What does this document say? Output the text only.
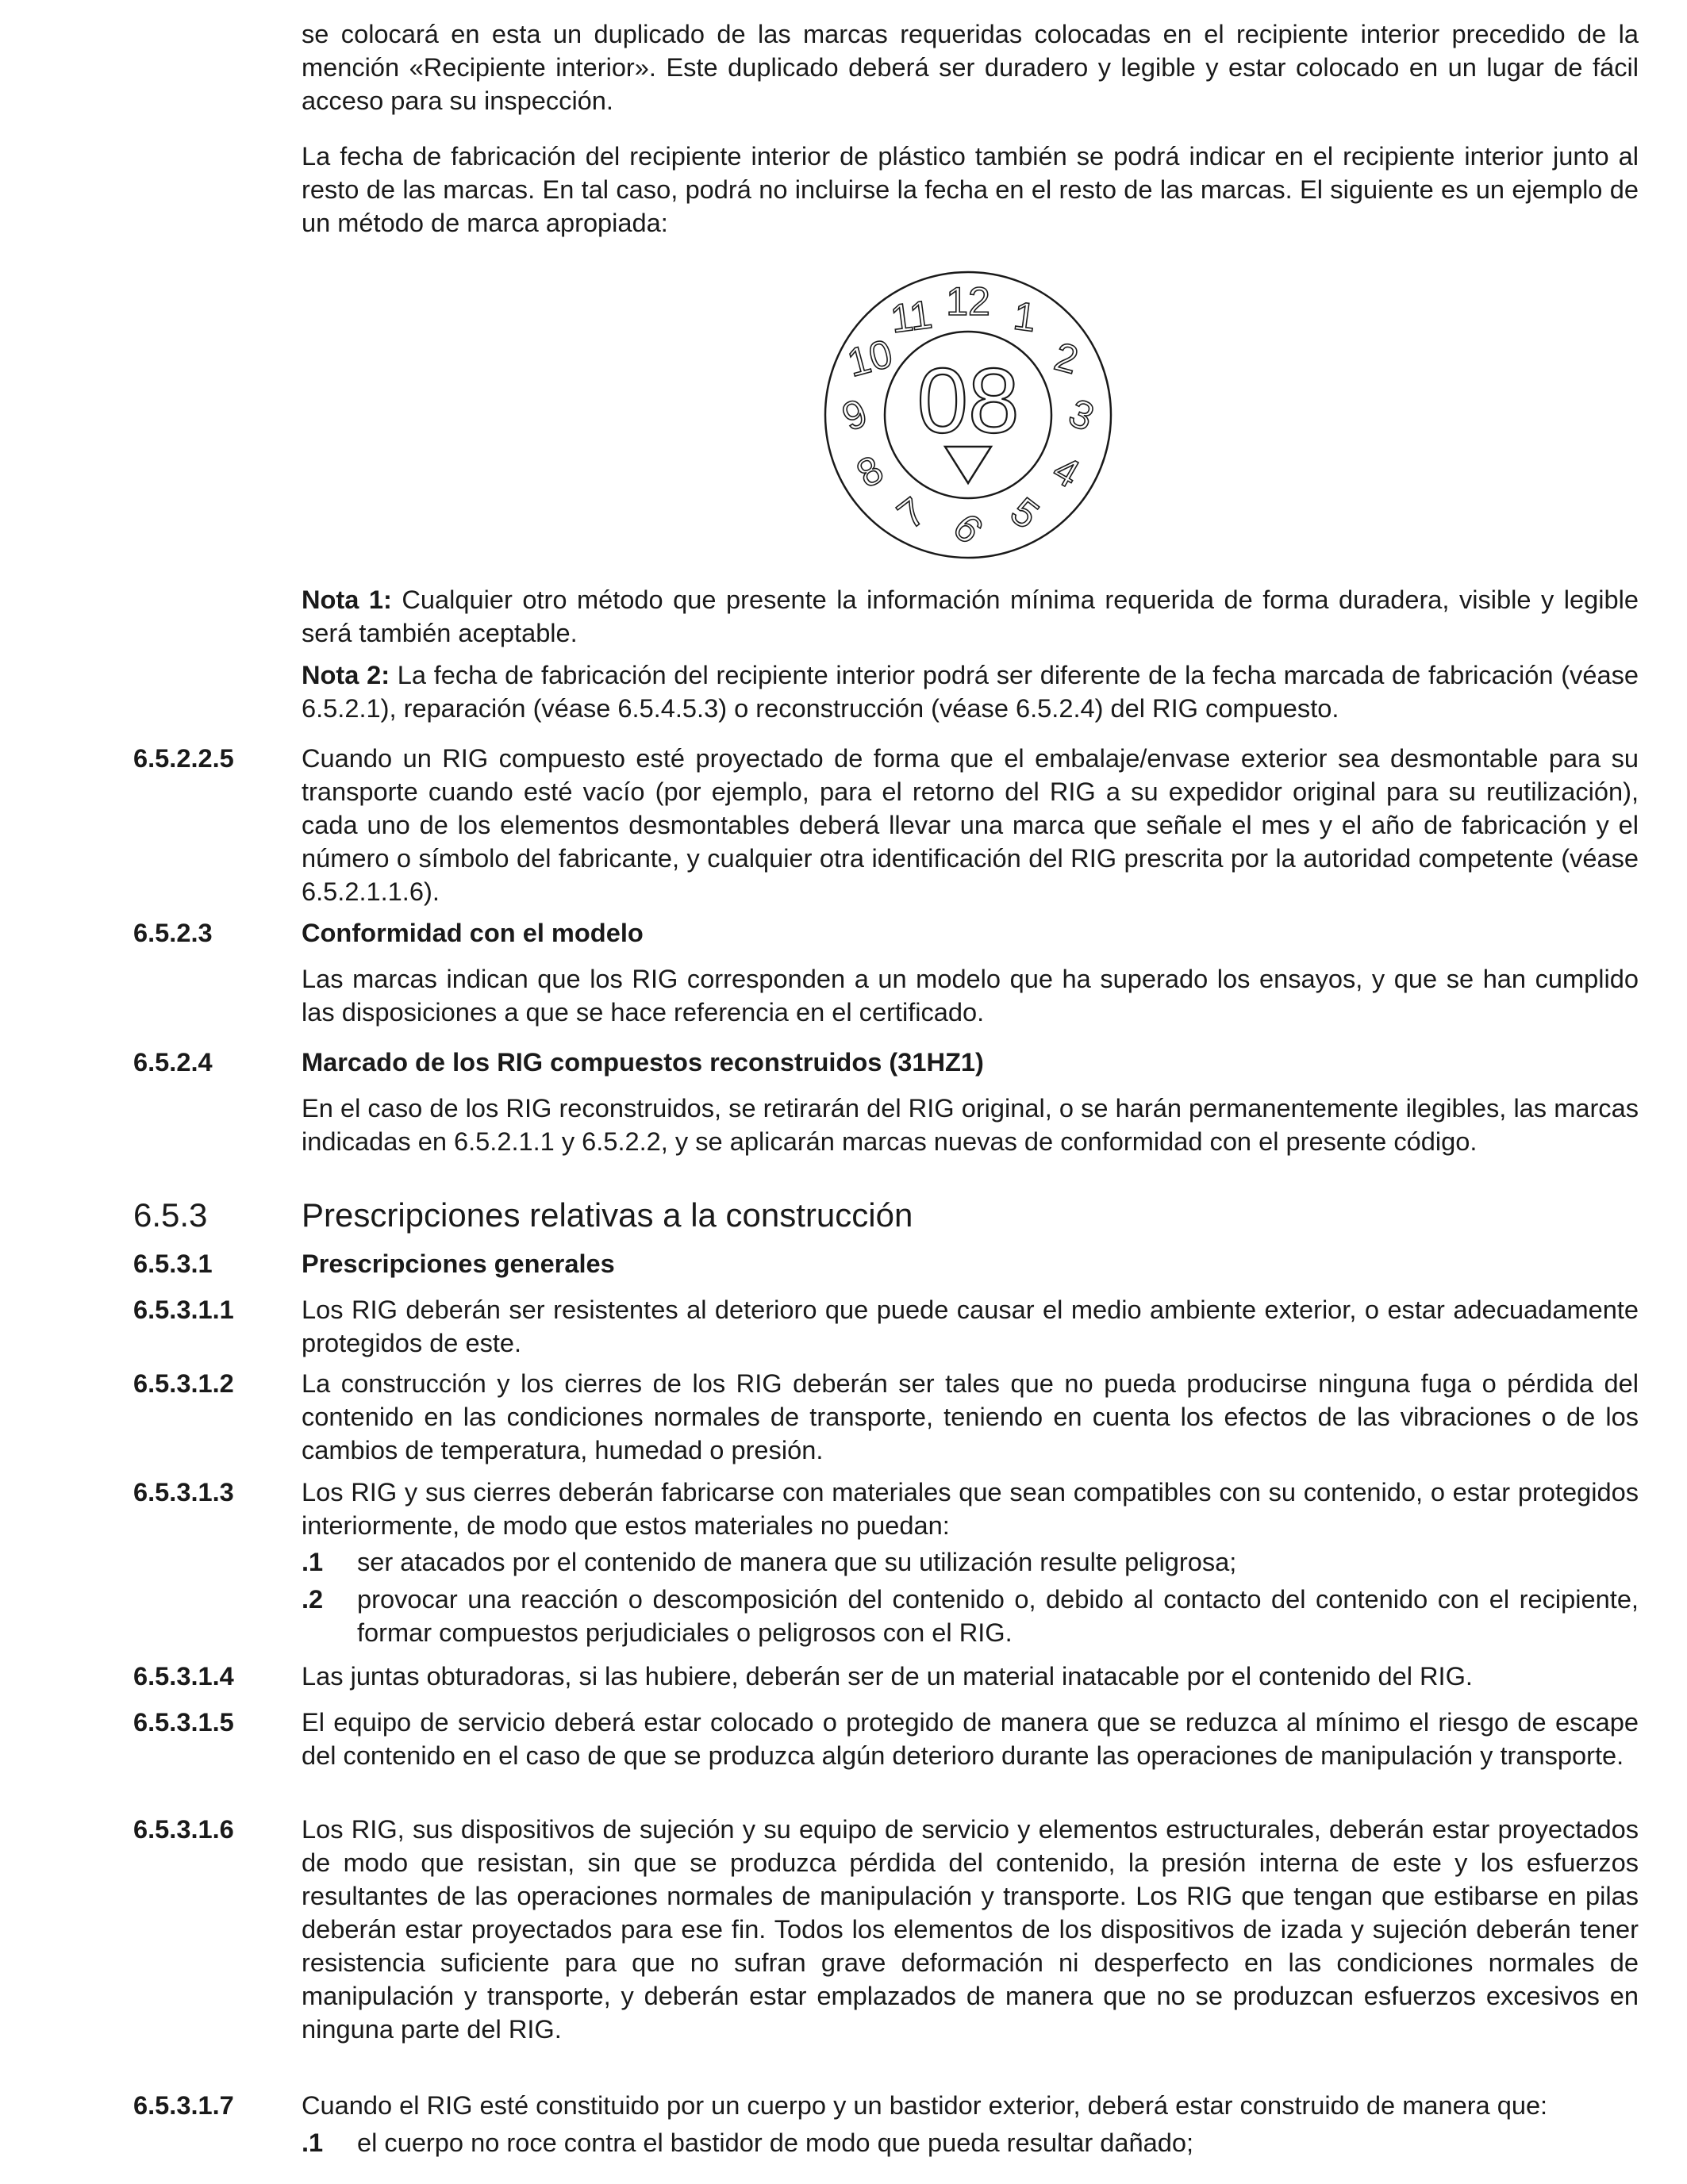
se colocará en esta un duplicado de las marcas requeridas colocadas en el recipiente interior precedido de la mención «Recipiente interior». Este duplicado deberá ser duradero y legible y estar colocado en un lugar de fácil acceso para su inspección.

La fecha de fabricación del recipiente interior de plástico también se podrá indicar en el recipiente interior junto al resto de las marcas. En tal caso, podrá no incluirse la fecha en el resto de las marcas. El siguiente es un ejemplo de un método de marca apropiada:

08
12 1
2
3
4
5
6
7
8
9
10
11

Nota 1: Cualquier otro método que presente la información mínima requerida de forma duradera, visible y legible será también aceptable.

Nota 2: La fecha de fabricación del recipiente interior podrá ser diferente de la fecha marcada de fabricación (véase 6.5.2.1), reparación (véase 6.5.4.5.3) o reconstrucción (véase 6.5.2.4) del RIG compuesto.

6.5.2.2.5	Cuando un RIG compuesto esté proyectado de forma que el embalaje/envase exterior sea desmontable para su transporte cuando esté vacío (por ejemplo, para el retorno del RIG a su expedidor original para su reutilización), cada uno de los elementos desmontables deberá llevar una marca que señale el mes y el año de fabricación y el número o símbolo del fabricante, y cualquier otra identificación del RIG prescrita por la autoridad competente (véase 6.5.2.1.1.6).

6.5.2.3	Conformidad con el modelo

Las marcas indican que los RIG corresponden a un modelo que ha superado los ensayos, y que se han cumplido las disposiciones a que se hace referencia en el certificado.

6.5.2.4	Marcado de los RIG compuestos reconstruidos (31HZ1)

En el caso de los RIG reconstruidos, se retirarán del RIG original, o se harán permanentemente ilegibles, las marcas indicadas en 6.5.2.1.1 y 6.5.2.2, y se aplicarán marcas nuevas de conformidad con el presente código.

6.5.3	Prescripciones relativas a la construcción

6.5.3.1	Prescripciones generales

6.5.3.1.1	Los RIG deberán ser resistentes al deterioro que puede causar el medio ambiente exterior, o estar adecuadamente protegidos de este.

6.5.3.1.2	La construcción y los cierres de los RIG deberán ser tales que no pueda producirse ninguna fuga o pérdida del contenido en las condiciones normales de transporte, teniendo en cuenta los efectos de las vibraciones o de los cambios de temperatura, humedad o presión.

6.5.3.1.3	Los RIG y sus cierres deberán fabricarse con materiales que sean compatibles con su contenido, o estar protegidos interiormente, de modo que estos materiales no puedan:

.1 ser atacados por el contenido de manera que su utilización resulte peligrosa;

.2 provocar una reacción o descomposición del contenido o, debido al contacto del contenido con el recipiente, formar compuestos perjudiciales o peligrosos con el RIG.

6.5.3.1.4	Las juntas obturadoras, si las hubiere, deberán ser de un material inatacable por el contenido del RIG.

6.5.3.1.5	El equipo de servicio deberá estar colocado o protegido de manera que se reduzca al mínimo el riesgo de escape del contenido en el caso de que se produzca algún deterioro durante las operaciones de manipulación y transporte.

6.5.3.1.6	Los RIG, sus dispositivos de sujeción y su equipo de servicio y elementos estructurales, deberán estar proyectados de modo que resistan, sin que se produzca pérdida del contenido, la presión interna de este y los esfuerzos resultantes de las operaciones normales de manipulación y transporte. Los RIG que tengan que estibarse en pilas deberán estar proyectados para ese fin. Todos los elementos de los dispositivos de izada y sujeción deberán tener resistencia suficiente para que no sufran grave deformación ni desperfecto en las condiciones normales de manipulación y transporte, y deberán estar emplazados de manera que no se produzcan esfuerzos excesivos en ninguna parte del RIG.

6.5.3.1.7	Cuando el RIG esté constituido por un cuerpo y un bastidor exterior, deberá estar construido de manera que:

.1 el cuerpo no roce contra el bastidor de modo que pueda resultar dañado;
